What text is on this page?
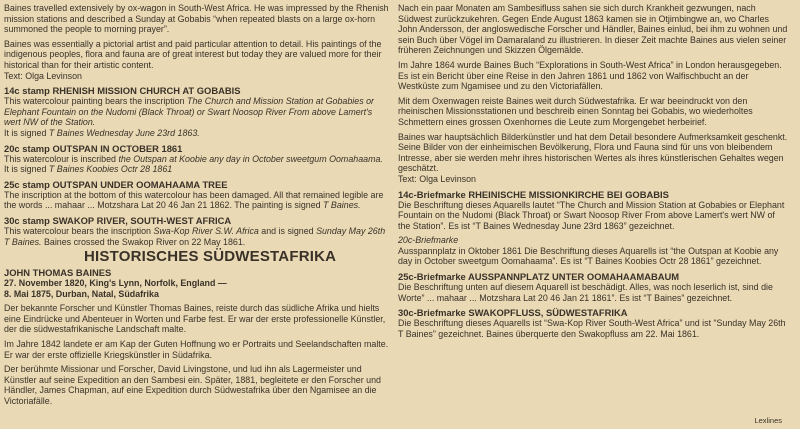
Baines travelled extensively by ox-wagon in South-West Africa. He was impressed by the Rhenish mission stations and described a Sunday at Gobabis “when repeated blasts on a large ox-horn summoned the people to morning prayer”.

Baines was essentially a pictorial artist and paid particular attention to detail. His paintings of the indigenous peoples, flora and fauna are of great interest but today they are valued more for their historical than for their artistic content.

Text: Olga Levinson

14c stamp RHENISH MISSION CHURCH AT GOBABIS

This watercolour painting bears the inscription The Church and Mission Station at Gobabies or Elephant Fountain on the Nudomi (Black Throat) or Swart Noosop River From above Lamert's wert NW of the Station.

It is signed T Baines Wednesday June 23rd 1863.

20c stamp OUTSPAN IN OCTOBER 1861

This watercolour is inscribed the Outspan at Koobie any day in October sweetgum Oomahaama. It is signed T Baines Koobies Octr 28 1861

25c stamp OUTSPAN UNDER OOMAHAAMA TREE

The inscription at the bottom of this watercolour has been damaged. All that remained legible are the words ... mahaar ... Motzshara Lat 20 46 Jan 21 1862. The painting is signed T Baines.

30c stamp SWAKOP RIVER, SOUTH-WEST AFRICA

This watercolour bears the inscription Swa-Kop River S.W. Africa and is signed Sunday May 26th T Baines. Baines crossed the Swakop River on 22 May 1861.

HISTORISCHES SÜDWESTAFRIKA
JOHN THOMAS BAINES
27. November 1820, King's Lynn, Norfolk, England —
8. Mai 1875, Durban, Natal, Südafrika

Der bekannte Forscher und Künstler Thomas Baines, reiste durch das südliche Afrika und hielts eine Eindrücke und Abenteuer in Worten und Farbe fest. Er war der erste professionelle Künstler, der die südwestafrikanische Landschaft malte.

Im Jahre 1842 landete er am Kap der Guten Hoffnung wo er Portraits und Seelandschaften malte. Er war der erste offizielle Kriegskünstler in Südafrika.

Der berühmte Missionar und Forscher, David Livingstone, und lud ihn als Lagermeister und Künstler auf seine Expedition an den Sambesi ein. Später, 1881, begleitete er den Forscher und Händler, James Chapman, auf eine Expedition durch Südwestafrika über den Ngamisee an die Victoriafälle.

Nach ein paar Monaten am Sambesifluss sahen sie sich durch Krankheit gezwungen, nach Südwest zurückzukehren. Gegen Ende August 1863 kamen sie in Otjimbingwe an, wo Charles John Andersson, der angloswedische Forscher und Händler, Baines einlud, bei ihm zu wohnen und sein Buch über Vögel im Damaraland zu illustrieren. In dieser Zeit machte Baines aus vielen seiner früheren Zeichnungen und Skizzen Ölgemälde.

Im Jahre 1864 wurde Baines Buch “Explorations in South-West Africa” in London herausgegeben. Es ist ein Bericht über eine Reise in den Jahren 1861 und 1862 von Walfischbucht an der Westküste zum Ngamisee und zu den Victoriafällen.

Mit dem Oxenwagen reiste Baines weit durch Südwestafrika. Er war beeindruckt von den rheinischen Missionsstationen und beschreib einen Sonntag bei Gobabis, wo wiederholtes Schmettern eines grossen Oxenhornes die Leute zum Morgengebet herbeirief.

Baines war hauptsächlich Bilderkünstler und hat dem Detail besondere Aufmerksamkeit geschenkt. Seine Bilder von der einheimischen Bevölkerung, Flora und Fauna sind für uns von bleibendem Intresse, aber sie werden mehr ihres historischen Wertes als ihres künstlerischen Gehaltes wegen geschätzt.

Text: Olga Levinson

14c-Briefmarke RHEINISCHE MISSIONKIRCHE BEI GOBABIS

Die Beschriftung dieses Aquarells lautet “The Church and Mission Station at Gobabies or Elephant Fountain on the Nudomi (Black Throat) or Swart Noosop River From above Lamert's wert NW of the Station”. Es ist “T Baines Wednesday June 23rd 1863” gezeichnet.

20c-Briefmarke

Ausspannplatz in Oktober 1861 Die Beschriftung dieses Aquarells ist “the Outspan at Koobie any day in October sweetgum Oomahaama”. Es ist “T Baines Koobies Octr 28 1861” gezeichnet.

25c-Briefmarke AUSSPANNPLATZ UNTER OOMAHAAMABAUM

Die Beschriftung unten auf diesem Aquarell ist beschädigt. Alles, was noch leserlich ist, sind die Worte” ... mahaar ... Motzshara Lat 20 46 Jan 21 1861”. Es ist “T Baines” gezeichnet.

30c-Briefmarke SWAKOPFLUSS, SÜDWESTAFRIKA

Die Beschriftung dieses Aquarells ist “Swa-Kop River South-West Africa” und ist “Sunday May 26th T Baines” gezeichnet. Baines überquerte den Swakopfluss am 22. Mai 1861.

Lexlines
